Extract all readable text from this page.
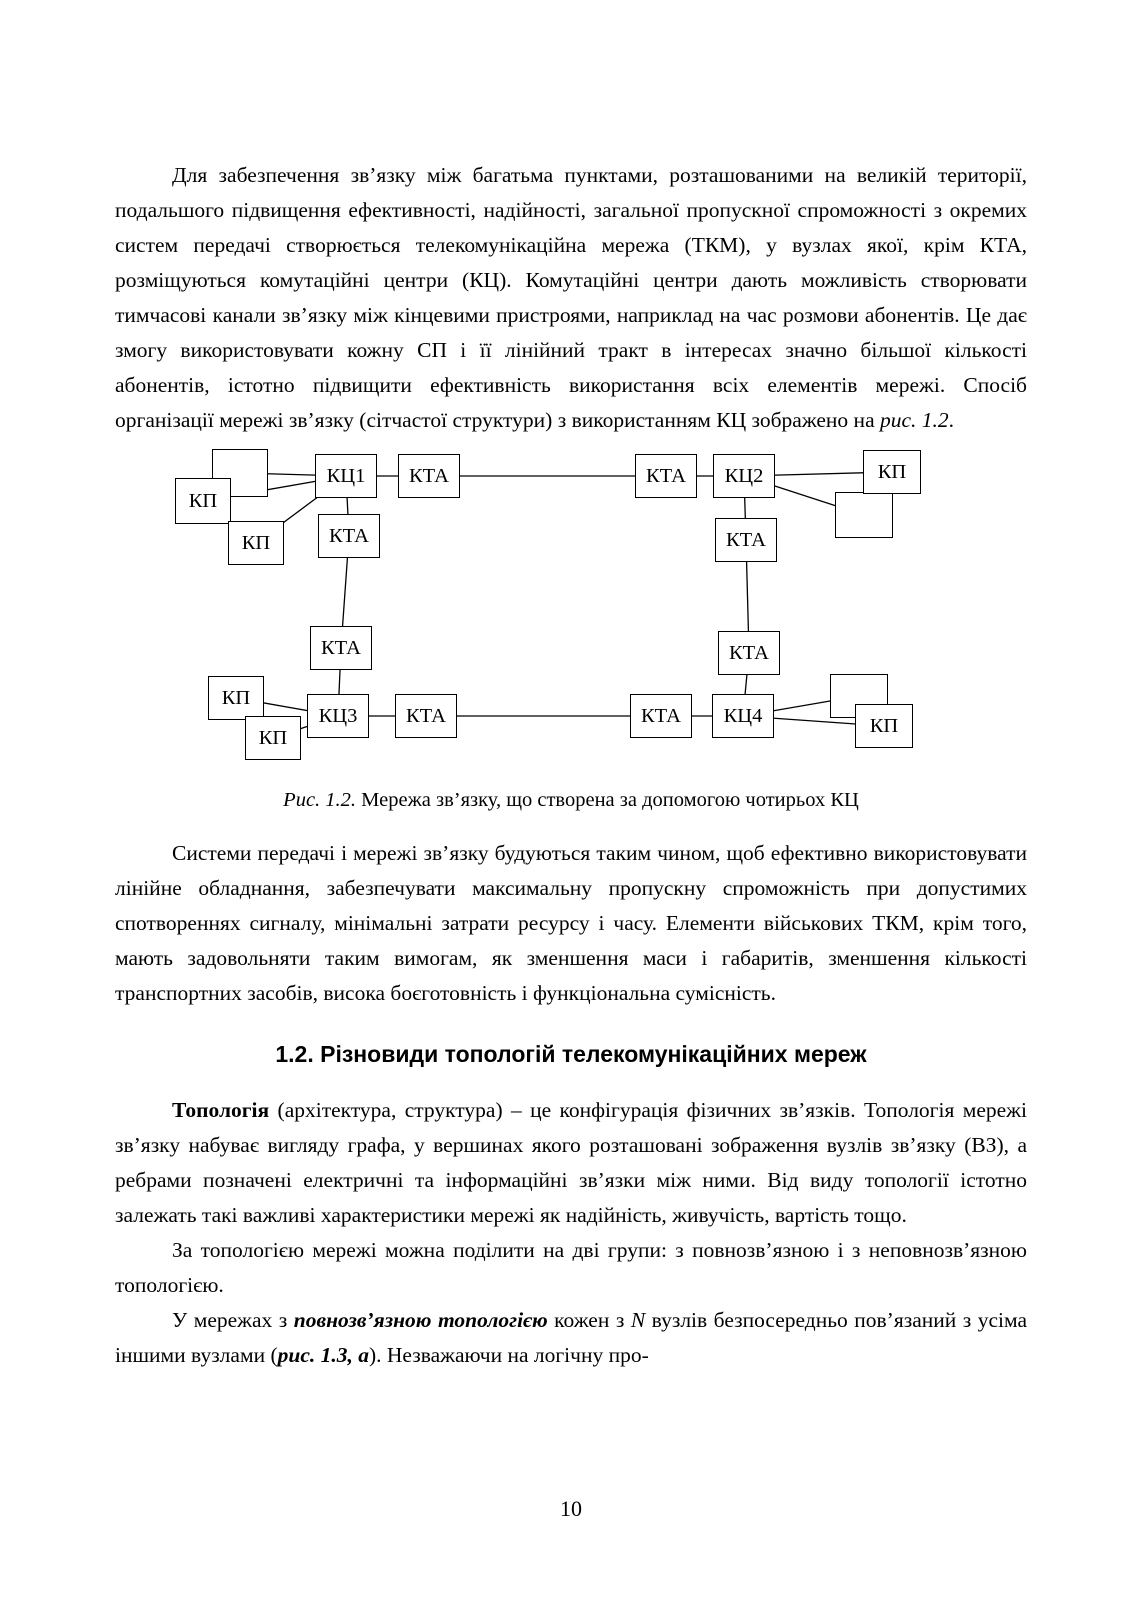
Для забезпечення зв’язку між багатьма пунктами, розташованими на великій території, подальшого підвищення ефективності, надійності, загальної пропускної спроможності з окремих систем передачі створюється телекомунікаційна мережа (ТКМ), у вузлах якої, крім КТА, розміщуються комутаційні центри (КЦ). Комутаційні центри дають можливість створювати тимчасові канали зв’язку між кінцевими пристроями, наприклад на час розмови абонентів. Це дає змогу використовувати кожну СП і її лінійний тракт в інтересах значно більшої кількості абонентів, істотно підвищити ефективність використання всіх елементів мережі. Спосіб організації мережі зв’язку (сітчастої структури) з використанням КЦ зображено на рис. 1.2.

КП
КП
КЦ1	КТА	КТА	КЦ2	КП
КТА	КТА
КТА	КТА
КП
КЦ3
КП
КТА	КТА	КЦ4	КП

Рис. 1.2. Мережа зв’язку, що створена за допомогою чотирьох КЦ

Системи передачі і мережі зв’язку будуються таким чином, щоб ефективно використовувати лінійне обладнання, забезпечувати максимальну пропускну спроможність при допустимих спотвореннях сигналу, мінімальні затрати ресурсу і часу. Елементи військових ТКМ, крім того, мають задовольняти таким вимогам, як зменшення маси і габаритів, зменшення кількості транспортних засобів, висока боєготовність і функціональна сумісність.

1.2. Різновиди топологій телекомунікаційних мереж

Топологія (архітектура, структура) – це конфігурація фізичних зв’язків. Топологія мережі зв’язку набуває вигляду графа, у вершинах якого розташовані зображення вузлів зв’язку (ВЗ), а ребрами позначені електричні та інформаційні зв’язки між ними. Від виду топології істотно залежать такі важливі характеристики мережі як надійність, живучість, вартість тощо.

За топологією мережі можна поділити на дві групи: з повнозв’язною і з неповнозв’язною топологією.

У мережах з повнозв’язною топологією кожен з N вузлів безпосередньо пов’язаний з усіма іншими вузлами (рис. 1.3, а). Незважаючи на логічну про-

10
